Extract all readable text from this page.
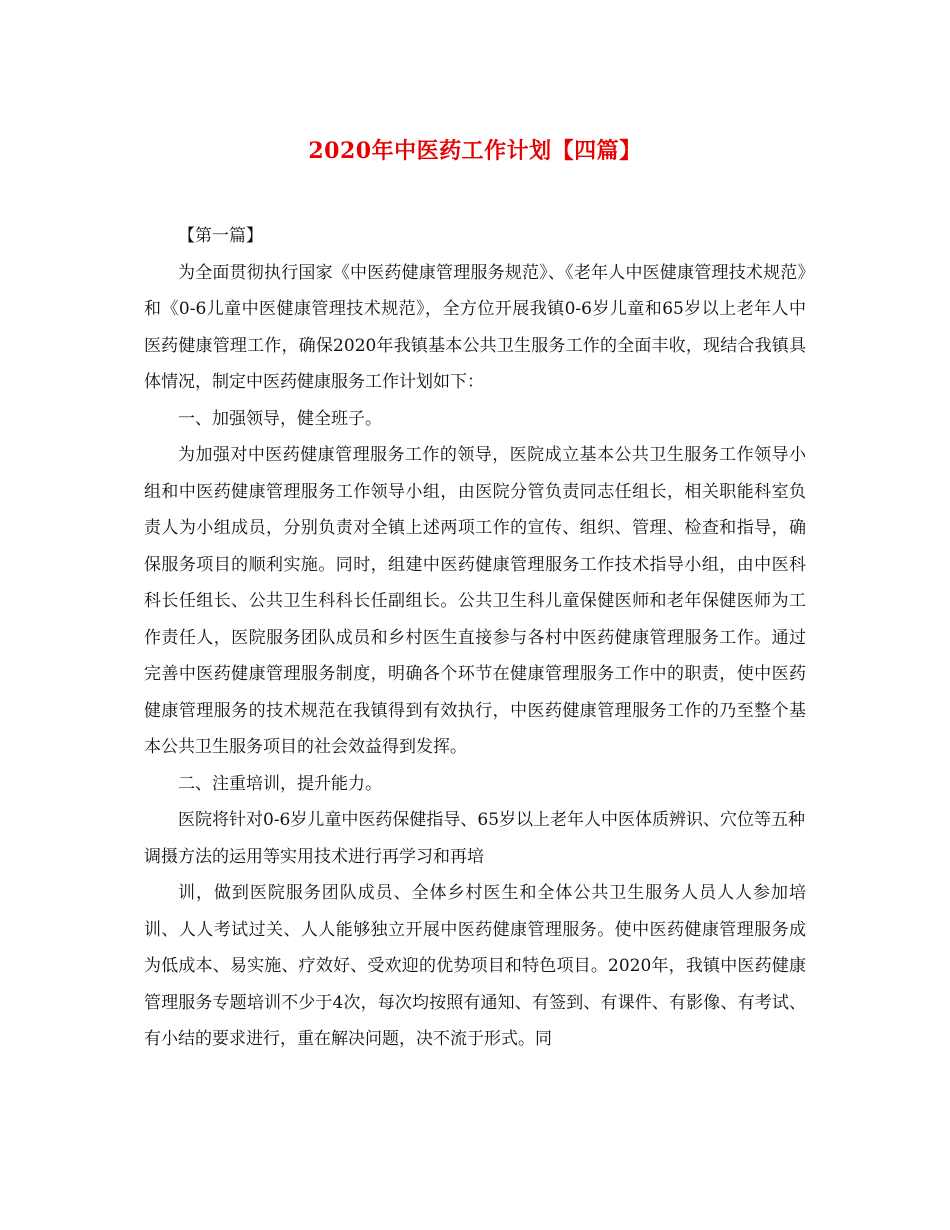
2020年中医药工作计划【四篇】

【第一篇】

为全面贯彻执行国家《中医药健康管理服务规范》、《老年人中医健康管理技术规范》和《0-6儿童中医健康管理技术规范》，全方位开展我镇0-6岁儿童和65岁以上老年人中医药健康管理工作，确保2020年我镇基本公共卫生服务工作的全面丰收，现结合我镇具体情况，制定中医药健康服务工作计划如下：

一、加强领导，健全班子。

为加强对中医药健康管理服务工作的领导，医院成立基本公共卫生服务工作领导小组和中医药健康管理服务工作领导小组，由医院分管负责同志任组长，相关职能科室负责人为小组成员，分别负责对全镇上述两项工作的宣传、组织、管理、检查和指导，确保服务项目的顺利实施。同时，组建中医药健康管理服务工作技术指导小组，由中医科科长任组长、公共卫生科科长任副组长。公共卫生科儿童保健医师和老年保健医师为工作责任人，医院服务团队成员和乡村医生直接参与各村中医药健康管理服务工作。通过完善中医药健康管理服务制度，明确各个环节在健康管理服务工作中的职责，使中医药健康管理服务的技术规范在我镇得到有效执行，中医药健康管理服务工作的乃至整个基本公共卫生服务项目的社会效益得到发挥。

二、注重培训，提升能力。

医院将针对0-6岁儿童中医药保健指导、65岁以上老年人中医体质辨识、穴位等五种调摄方法的运用等实用技术进行再学习和再培

训，做到医院服务团队成员、全体乡村医生和全体公共卫生服务人员人人参加培训、人人考试过关、人人能够独立开展中医药健康管理服务。使中医药健康管理服务成为低成本、易实施、疗效好、受欢迎的优势项目和特色项目。2020年，我镇中医药健康管理服务专题培训不少于4次，每次均按照有通知、有签到、有课件、有影像、有考试、有小结的要求进行，重在解决问题，决不流于形式。同
